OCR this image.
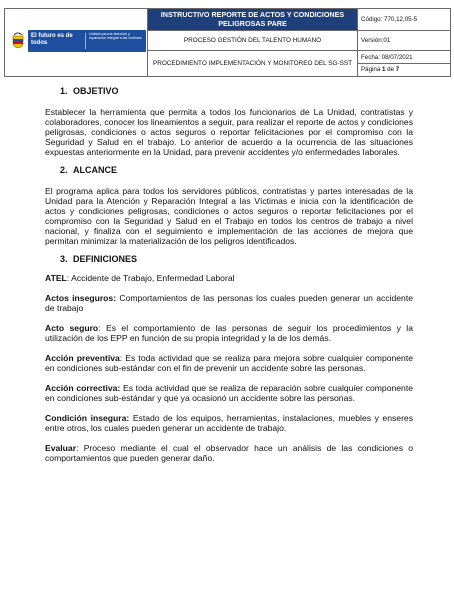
El futuro es de todos
Unidad para la atención y reparación integral a las víctimas	INSTRUCTIVO REPORTE DE ACTOS Y CONDICIONES PELIGROSAS PARE	Código: 770,12,05-5
	PROCESO GESTIÓN DEL TALENTO HUMANO	Versión:01
	PROCEDIMIENTO IMPLEMENTACIÓN Y MONITOREO DEL SG-SST	Fecha: 08/07/2021
Página 1 de 7
1. OBJETIVO

Establecer la herramienta que permita a todos los funcionarios de La Unidad, contratistas y colaboradores, conocer los lineamientos a seguir, para realizar el reporte de actos y condiciones peligrosas, condiciones o actos seguros o reportar felicitaciones por el compromiso con la Seguridad y Salud en el trabajo. Lo anterior de acuerdo a la ocurrencia de las situaciones expuestas anteriormente en la Unidad, para prevenir accidentes y/o enfermedades laborales.

2. ALCANCE

El programa aplica para todos los servidores públicos, contratistas y partes interesadas de la Unidad para la Atención y Reparación Integral a las Víctimas e inicia con la identificación de actos y condiciones peligrosas, condiciones o actos seguros o reportar felicitaciones por el compromiso con la Seguridad y Salud en el Trabajo en todos los centros de trabajo a nivel nacional, y finaliza con el seguimiento e implementación de las acciones de mejora que permitan minimizar la materialización de los peligros identificados.

3. DEFINICIONES

ATEL: Accidente de Trabajo, Enfermedad Laboral

Actos inseguros: Comportamientos de las personas los cuales pueden generar un accidente de trabajo

Acto seguro: Es el comportamiento de las personas de seguir los procedimientos y la utilización de los EPP en función de su propia integridad y la de los demás.

Acción preventiva: Es toda actividad que se realiza para mejora sobre cualquier componente en condiciones sub-estándar con el fin de prevenir un accidente sobre las personas.

Acción correctiva: Es toda actividad que se realiza de reparación sobre cualquier componente en condiciones sub-estándar y que ya ocasionó un accidente sobre las personas.

Condición insegura: Estado de los equipos, herramientas, instalaciones, muebles y enseres entre otros, los cuales pueden generar un accidente de trabajo.

Evaluar: Proceso mediante el cual el observador hace un análisis de las condiciones o comportamientos que pueden generar daño.
